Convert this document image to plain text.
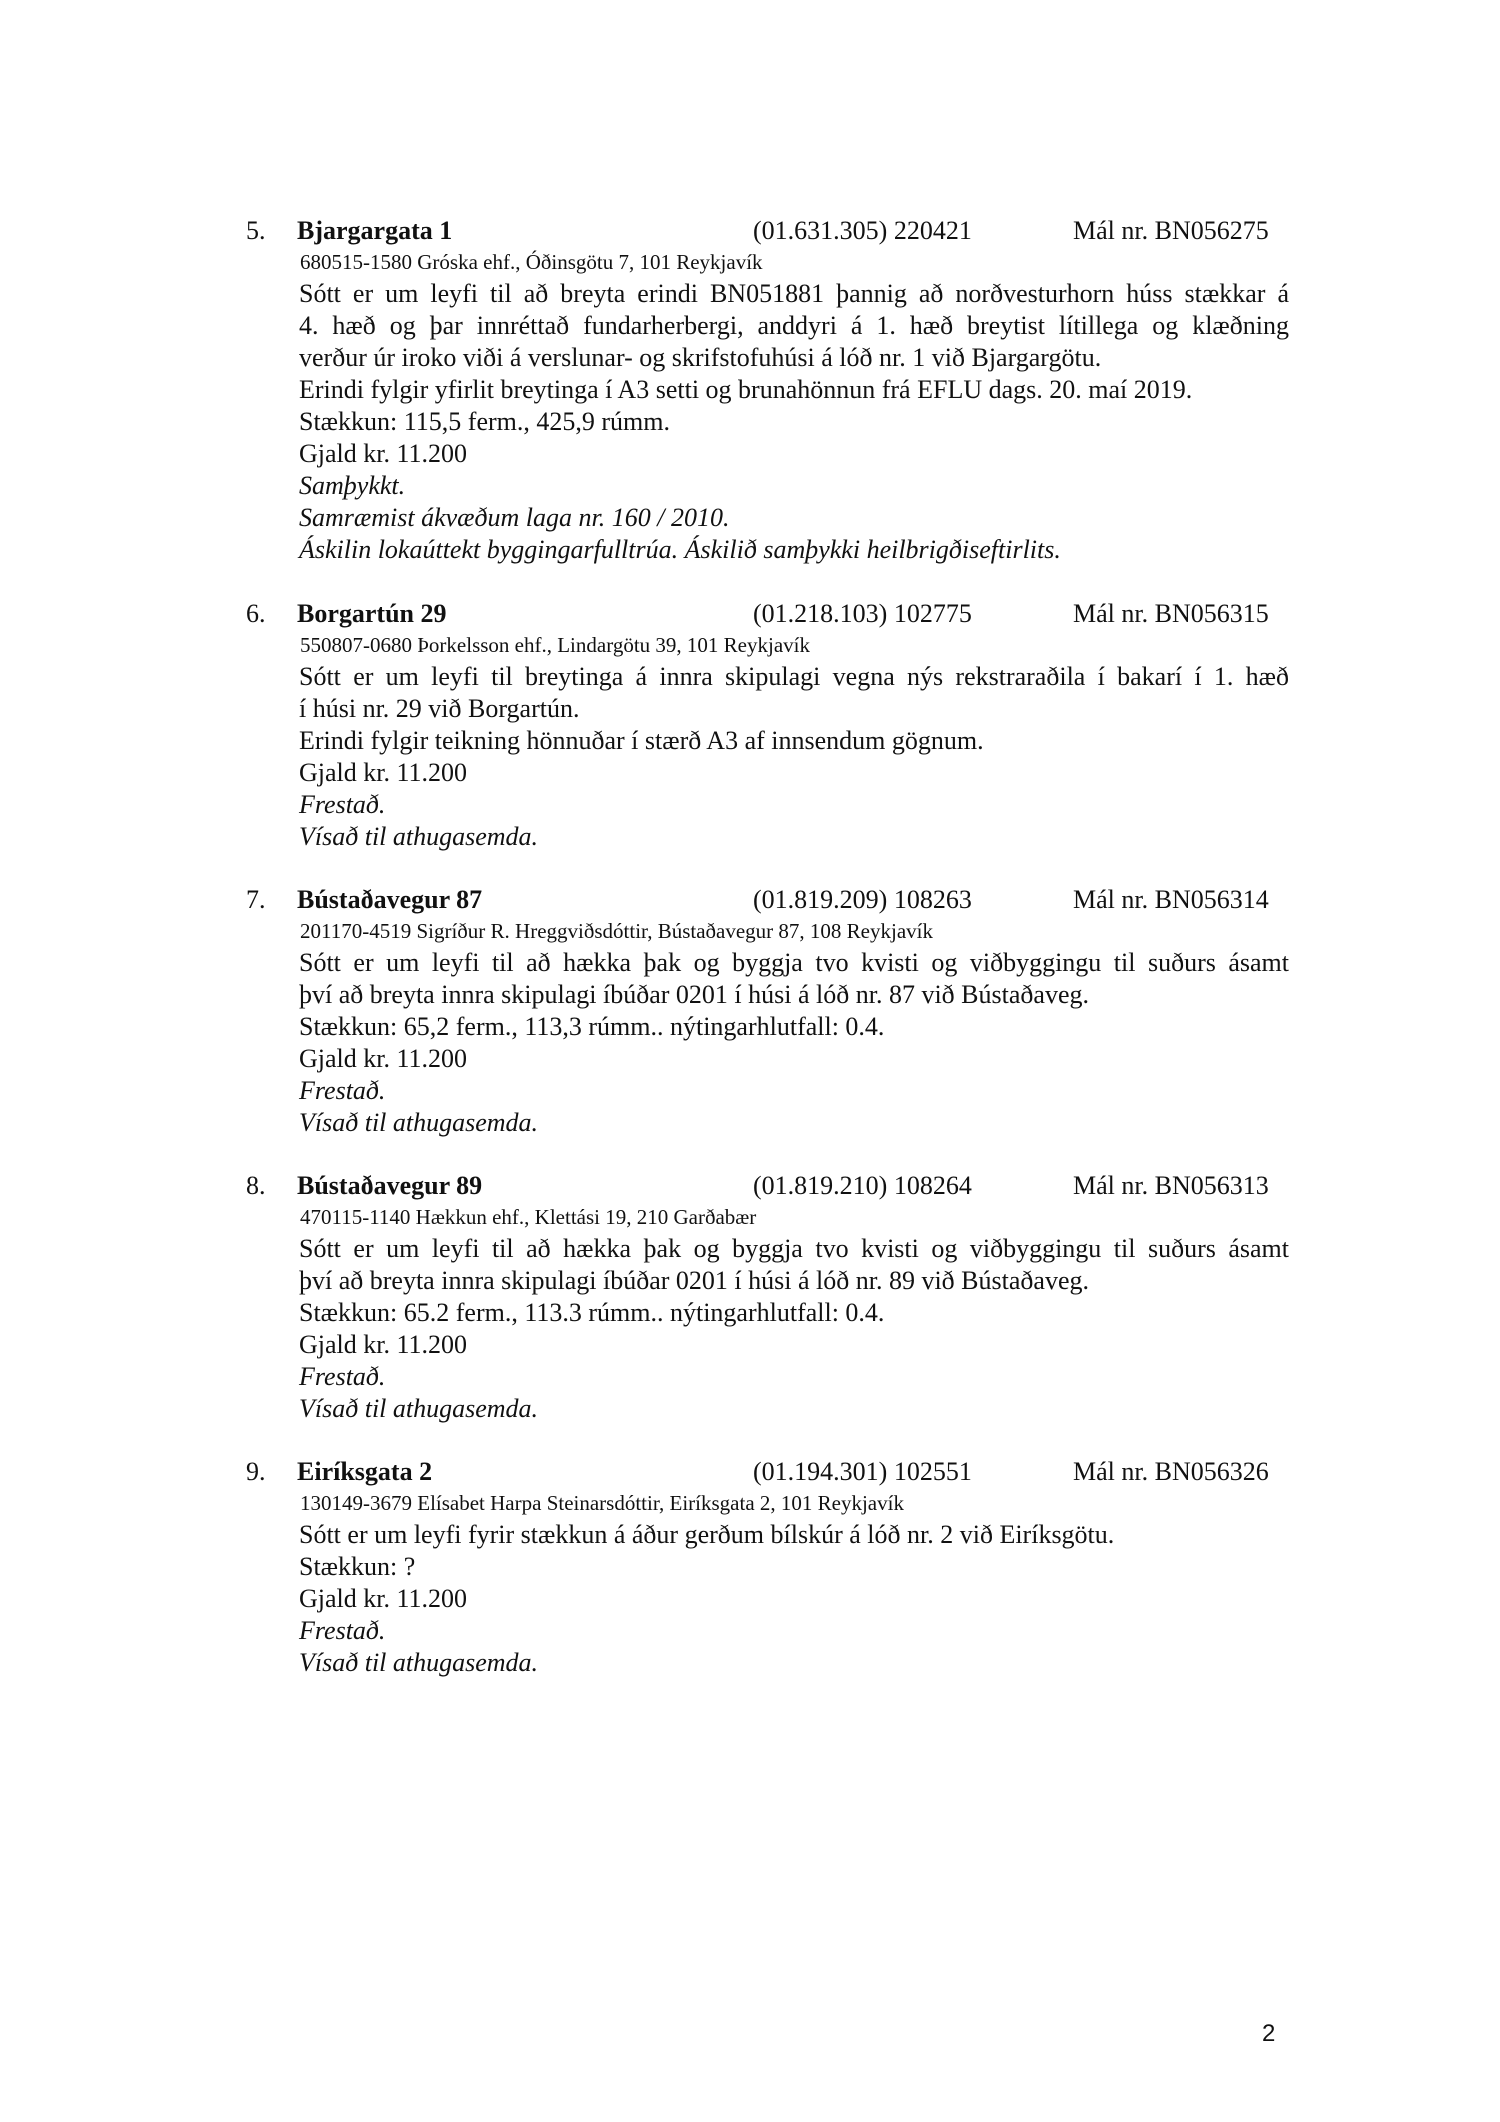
5. Bjargargata 1	(01.631.305) 220421	Mál nr. BN056275
680515-1580 Gróska ehf., Óðinsgötu 7, 101 Reykjavík
Sótt er um leyfi til að breyta erindi BN051881 þannig að norðvesturhorn húss stækkar á
4. hæð og þar innréttað fundarherbergi, anddyri á 1. hæð breytist lítillega og klæðning
verður úr iroko viði á verslunar- og skrifstofuhúsi á lóð nr. 1 við Bjargargötu.
Erindi fylgir yfirlit breytinga í A3 setti og brunahönnun frá EFLU dags. 20. maí 2019.
Stækkun: 115,5 ferm., 425,9 rúmm.
Gjald kr. 11.200
Samþykkt.
Samræmist ákvæðum laga nr. 160 / 2010.
Áskilin lokaúttekt byggingarfulltrúa. Áskilið samþykki heilbrigðiseftirlits.
6. Borgartún 29	(01.218.103) 102775	Mál nr. BN056315
550807-0680 Þorkelsson ehf., Lindargötu 39, 101 Reykjavík
Sótt er um leyfi til breytinga á innra skipulagi vegna nýs rekstraraðila í bakarí í 1. hæð
í húsi nr. 29 við Borgartún.
Erindi fylgir teikning hönnuðar í stærð A3 af innsendum gögnum.
Gjald kr. 11.200
Frestað.
Vísað til athugasemda.
7. Bústaðavegur 87	(01.819.209) 108263	Mál nr. BN056314
201170-4519 Sigríður R. Hreggviðsdóttir, Bústaðavegur 87, 108 Reykjavík
Sótt er um leyfi til að hækka þak og byggja tvo kvisti og viðbyggingu til suðurs ásamt
því að breyta innra skipulagi íbúðar 0201 í húsi á lóð nr. 87 við Bústaðaveg.
Stækkun: 65,2 ferm., 113,3 rúmm.. nýtingarhlutfall: 0.4.
Gjald kr. 11.200
Frestað.
Vísað til athugasemda.
8. Bústaðavegur 89	(01.819.210) 108264	Mál nr. BN056313
470115-1140 Hækkun ehf., Klettási 19, 210 Garðabær
Sótt er um leyfi til að hækka þak og byggja tvo kvisti og viðbyggingu til suðurs ásamt
því að breyta innra skipulagi íbúðar 0201 í húsi á lóð nr. 89 við Bústaðaveg.
Stækkun: 65.2 ferm., 113.3 rúmm.. nýtingarhlutfall: 0.4.
Gjald kr. 11.200
Frestað.
Vísað til athugasemda.
9. Eiríksgata 2	(01.194.301) 102551	Mál nr. BN056326
130149-3679 Elísabet Harpa Steinarsdóttir, Eiríksgata 2, 101 Reykjavík
Sótt er um leyfi fyrir stækkun á áður gerðum bílskúr á lóð nr. 2 við Eiríksgötu.
Stækkun: ?
Gjald kr. 11.200
Frestað.
Vísað til athugasemda.
2
